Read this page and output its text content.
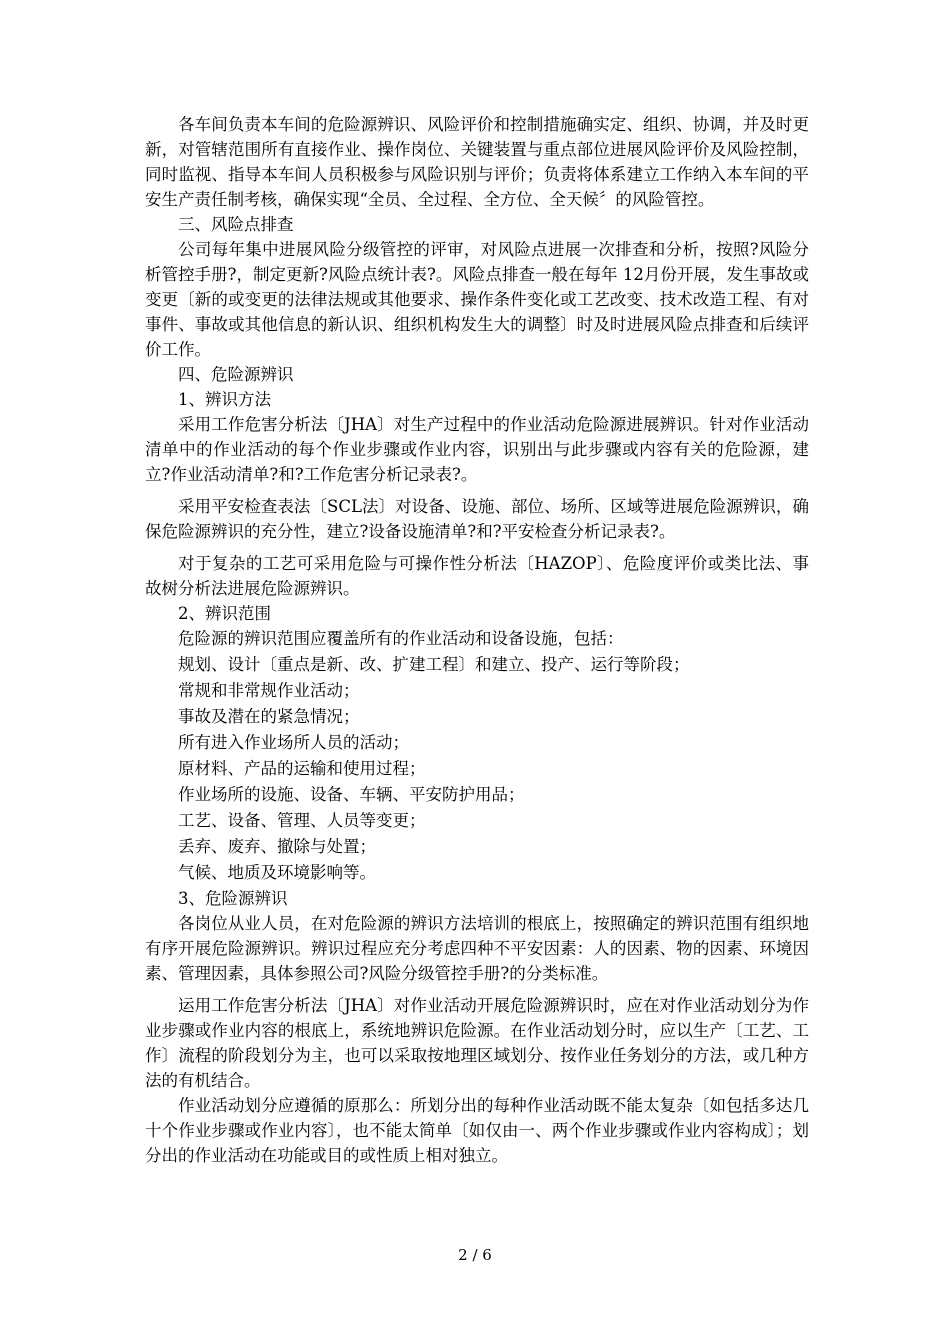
各车间负责本车间的危险源辨识、风险评价和控制措施确实定、组织、协调，并及时更新，对管辖范围所有直接作业、操作岗位、关键装置与重点部位进展风险评价及风险控制，同时监视、指导本车间人员积极参与风险识别与评价；负责将体系建立工作纳入本车间的平安生产责任制考核，确保实现“全员、全过程、全方位、全天候〞的风险管控。

三、风险点排查

公司每年集中进展风险分级管控的评审，对风险点进展一次排查和分析，按照?风险分析管控手册?，制定更新?风险点统计表?。风险点排查一般在每年 12月份开展，发生事故或变更〔新的或变更的法律法规或其他要求、操作条件变化或工艺改变、技术改造工程、有对事件、事故或其他信息的新认识、组织机构发生大的调整〕时及时进展风险点排查和后续评价工作。

四、危险源辨识

1、辨识方法

采用工作危害分析法〔JHA〕对生产过程中的作业活动危险源进展辨识。针对作业活动清单中的作业活动的每个作业步骤或作业内容，识别出与此步骤或内容有关的危险源，建立?作业活动清单?和?工作危害分析记录表?。

采用平安检查表法〔SCL法〕对设备、设施、部位、场所、区域等进展危险源辨识，确保危险源辨识的充分性，建立?设备设施清单?和?平安检查分析记录表?。

对于复杂的工艺可采用危险与可操作性分析法〔HAZOP〕、危险度评价或类比法、事故树分析法进展危险源辨识。

2、辨识范围

危险源的辨识范围应覆盖所有的作业活动和设备设施，包括：

规划、设计〔重点是新、改、扩建工程〕和建立、投产、运行等阶段；

常规和非常规作业活动；

事故及潜在的紧急情况；

所有进入作业场所人员的活动；

原材料、产品的运输和使用过程；

作业场所的设施、设备、车辆、平安防护用品；

工艺、设备、管理、人员等变更；

丢弃、废弃、撤除与处置；

气候、地质及环境影响等。

3、危险源辨识

各岗位从业人员，在对危险源的辨识方法培训的根底上，按照确定的辨识范围有组织地有序开展危险源辨识。辨识过程应充分考虑四种不平安因素：人的因素、物的因素、环境因素、管理因素，具体参照公司?风险分级管控手册?的分类标准。

运用工作危害分析法〔JHA〕对作业活动开展危险源辨识时，应在对作业活动划分为作业步骤或作业内容的根底上，系统地辨识危险源。在作业活动划分时，应以生产〔工艺、工作〕流程的阶段划分为主，也可以采取按地理区域划分、按作业任务划分的方法，或几种方法的有机结合。

作业活动划分应遵循的原那么：所划分出的每种作业活动既不能太复杂〔如包括多达几十个作业步骤或作业内容〕，也不能太简单〔如仅由一、两个作业步骤或作业内容构成〕；划分出的作业活动在功能或目的或性质上相对独立。

2 / 6
